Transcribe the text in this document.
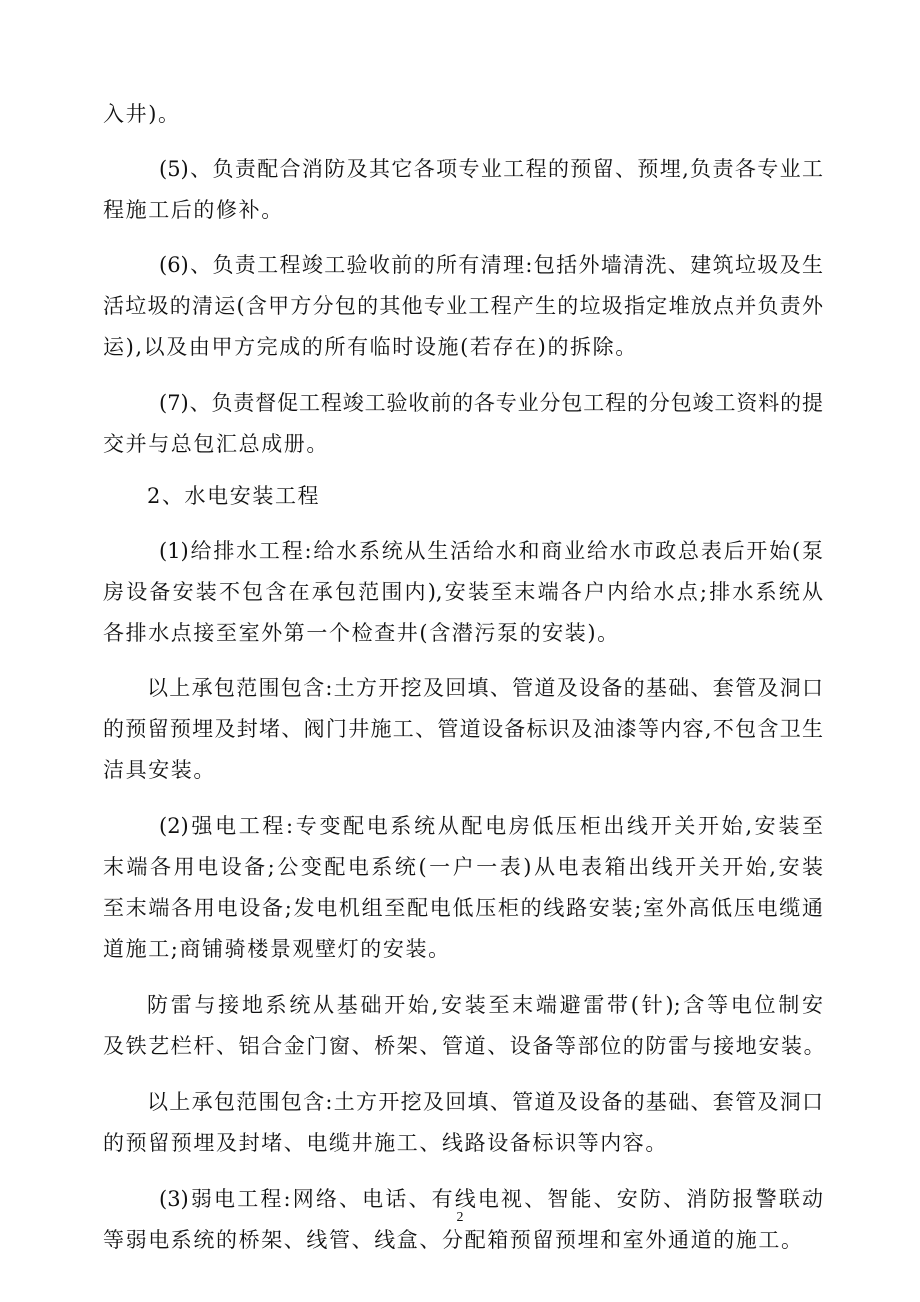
入井)。
(5)、负责配合消防及其它各项专业工程的预留、预埋,负责各专业工
程施工后的修补。
(6)、负责工程竣工验收前的所有清理:包括外墙清洗、建筑垃圾及生
活垃圾的清运(含甲方分包的其他专业工程产生的垃圾指定堆放点并负责外
运),以及由甲方完成的所有临时设施(若存在)的拆除。
(7)、负责督促工程竣工验收前的各专业分包工程的分包竣工资料的提
交并与总包汇总成册。
2、水电安装工程
(1)给排水工程:给水系统从生活给水和商业给水市政总表后开始(泵
房设备安装不包含在承包范围内),安装至末端各户内给水点;排水系统从
各排水点接至室外第一个检查井(含潜污泵的安装)。
以上承包范围包含:土方开挖及回填、管道及设备的基础、套管及洞口
的预留预埋及封堵、阀门井施工、管道设备标识及油漆等内容,不包含卫生
洁具安装。
(2)强电工程:专变配电系统从配电房低压柜出线开关开始,安装至
末端各用电设备;公变配电系统(一户一表)从电表箱出线开关开始,安装
至末端各用电设备;发电机组至配电低压柜的线路安装;室外高低压电缆通
道施工;商铺骑楼景观壁灯的安装。
防雷与接地系统从基础开始,安装至末端避雷带(针);含等电位制安
及铁艺栏杆、铝合金门窗、桥架、管道、设备等部位的防雷与接地安装。
以上承包范围包含:土方开挖及回填、管道及设备的基础、套管及洞口
的预留预埋及封堵、电缆井施工、线路设备标识等内容。
(3)弱电工程:网络、电话、有线电视、智能、安防、消防报警联动
等弱电系统的桥架、线管、线盒、分配箱预留预埋和室外通道的施工。
2
